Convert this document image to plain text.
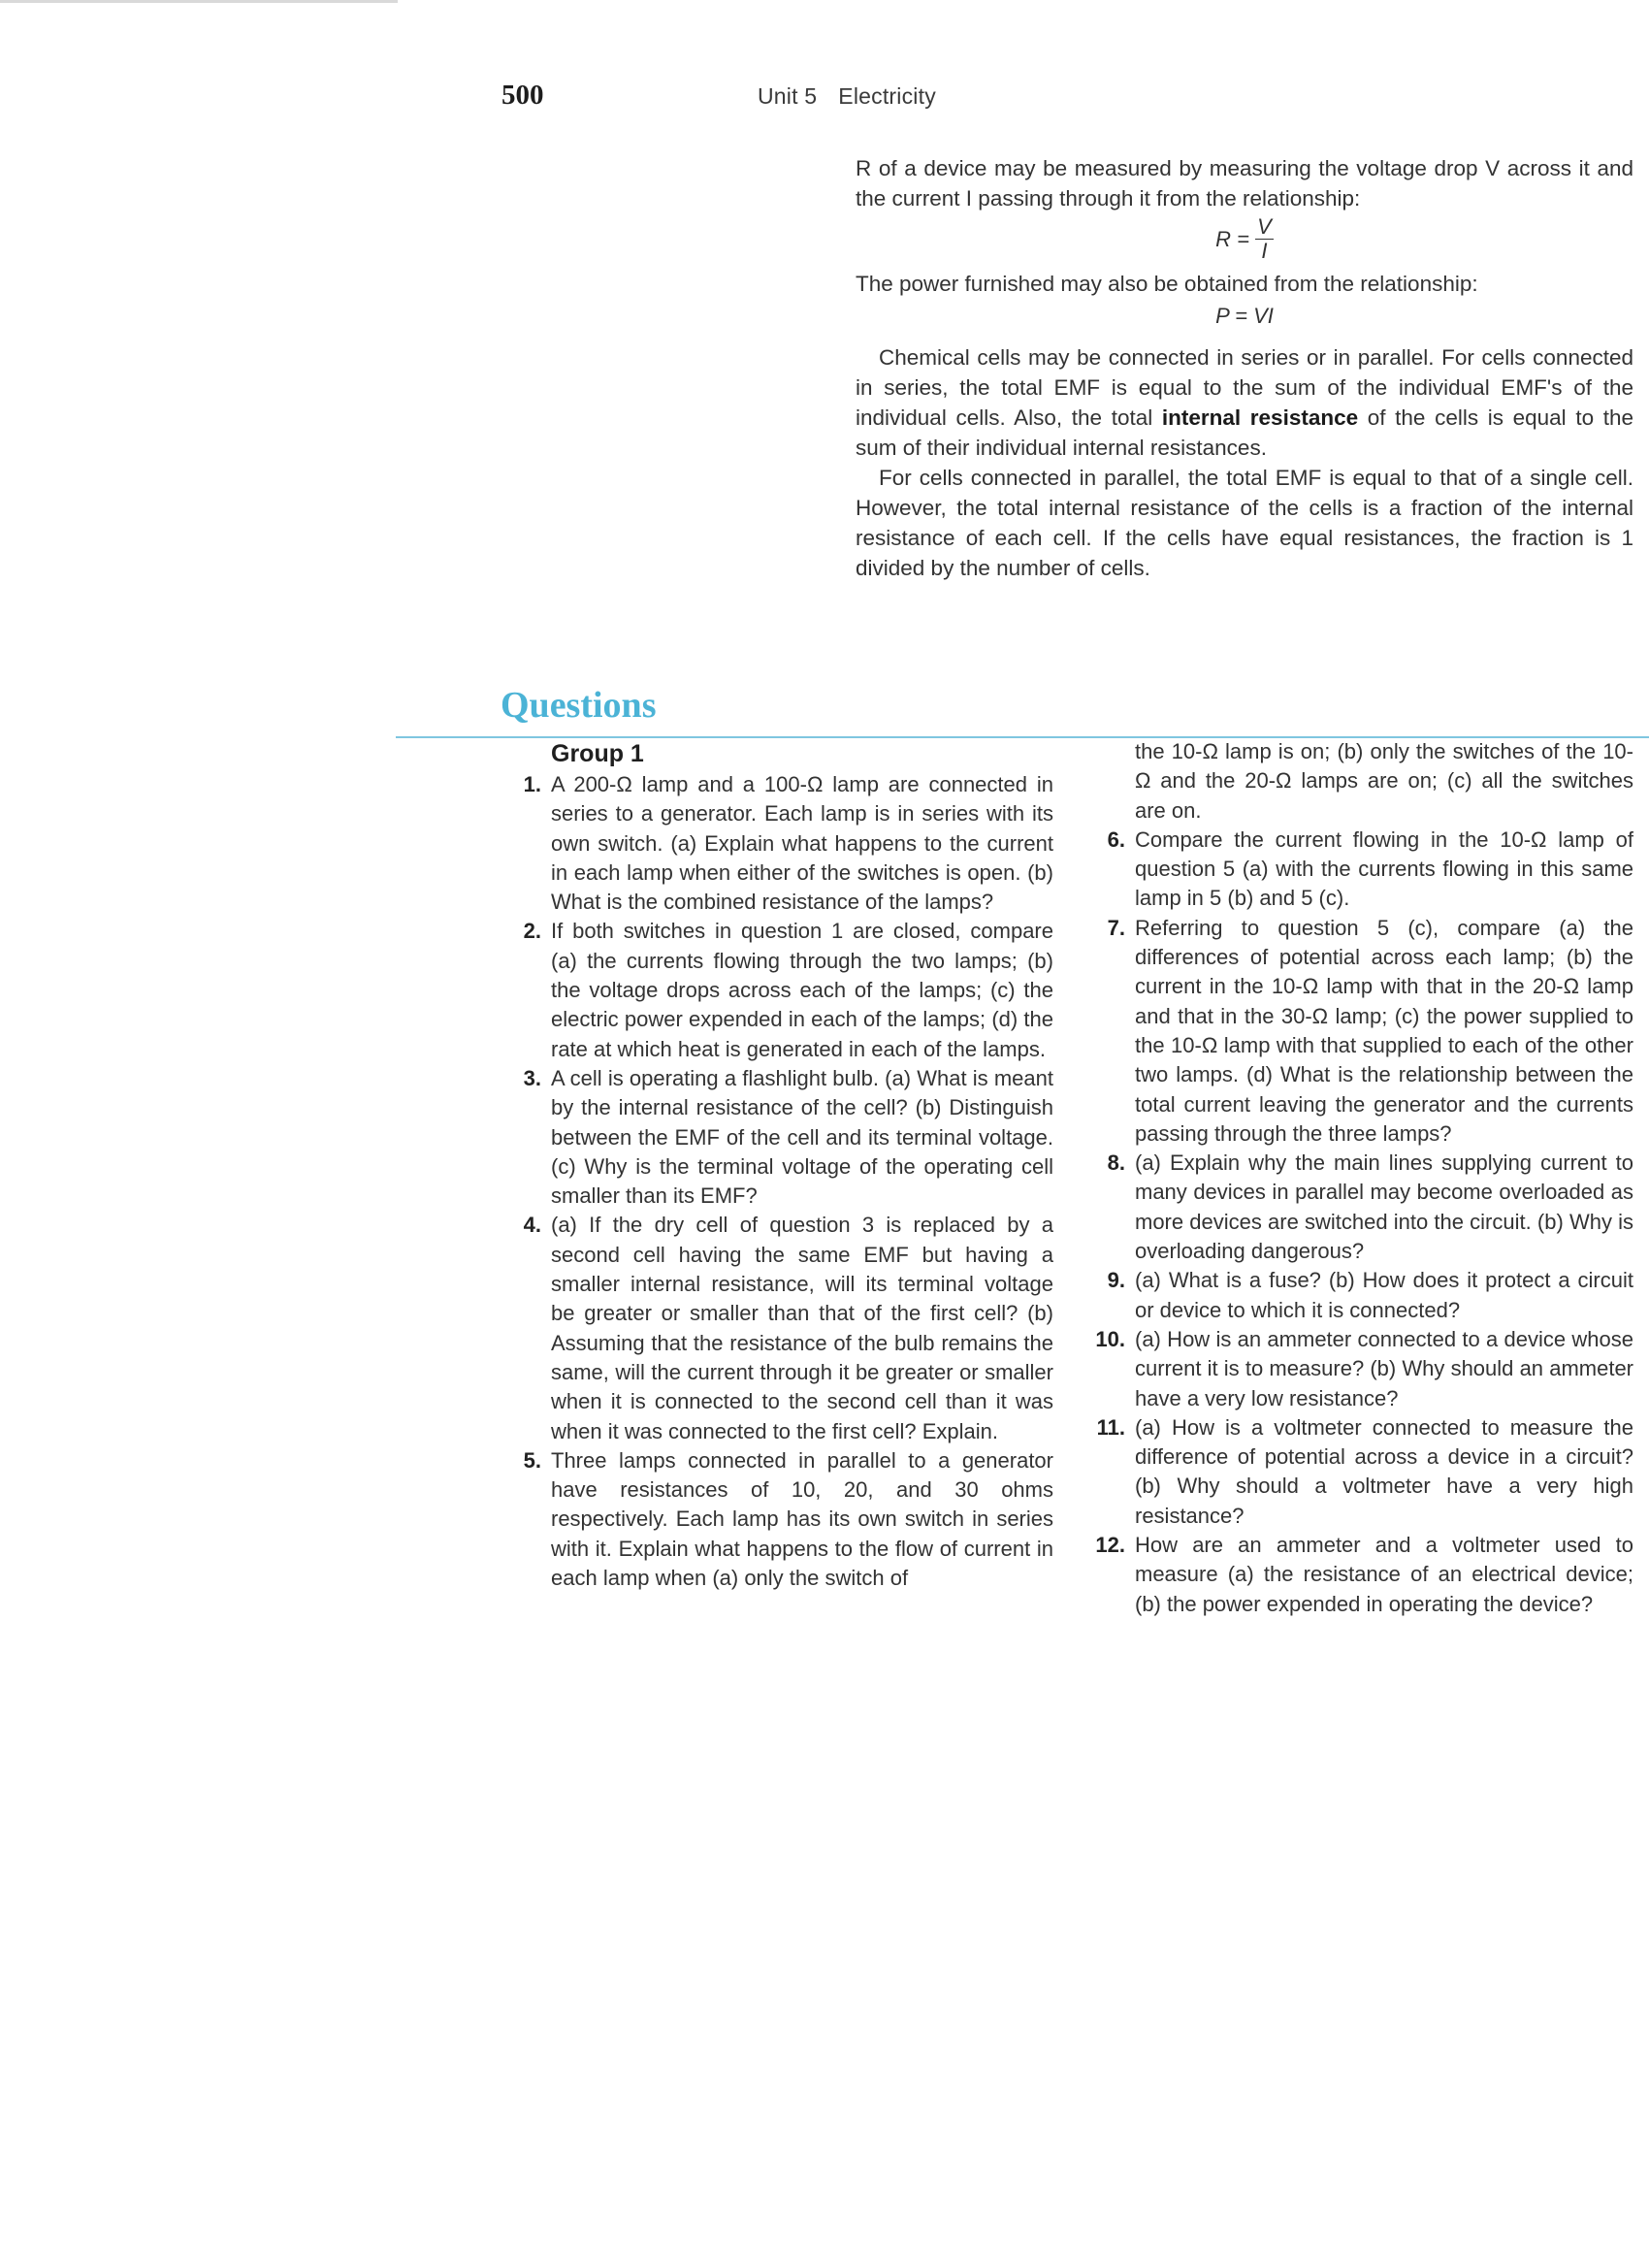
500	Unit 5 Electricity

R of a device may be measured by measuring the voltage drop V across it and the current I passing through it from the relationship:

$R = \frac{V}{I}$

The power furnished may also be obtained from the relationship:

P = VI

Chemical cells may be connected in series or in parallel. For cells connected in series, the total EMF is equal to the sum of the individual EMF's of the individual cells. Also, the total internal resistance of the cells is equal to the sum of their individual internal resistances.

For cells connected in parallel, the total EMF is equal to that of a single cell. However, the total internal resistance of the cells is a fraction of the internal resistance of each cell. If the cells have equal resistances, the fraction is 1 divided by the number of cells.

Questions
Group 1
1. A 200-Ω lamp and a 100-Ω lamp are connected in series to a generator. Each lamp is in series with its own switch. (a) Explain what happens to the current in each lamp when either of the switches is open. (b) What is the combined resistance of the lamps?
2. If both switches in question 1 are closed, compare (a) the currents flowing through the two lamps; (b) the voltage drops across each of the lamps; (c) the electric power expended in each of the lamps; (d) the rate at which heat is generated in each of the lamps.
3. A cell is operating a flashlight bulb. (a) What is meant by the internal resistance of the cell? (b) Distinguish between the EMF of the cell and its terminal voltage. (c) Why is the terminal voltage of the operating cell smaller than its EMF?
4. (a) If the dry cell of question 3 is replaced by a second cell having the same EMF but having a smaller internal resistance, will its terminal voltage be greater or smaller than that of the first cell? (b) Assuming that the resistance of the bulb remains the same, will the current through it be greater or smaller when it is connected to the second cell than it was when it was connected to the first cell? Explain.
5. Three lamps connected in parallel to a generator have resistances of 10, 20, and 30 ohms respectively. Each lamp has its own switch in series with it. Explain what happens to the flow of current in each lamp when (a) only the switch of
the 10-Ω lamp is on; (b) only the switches of the 10-Ω and the 20-Ω lamps are on; (c) all the switches are on.
6. Compare the current flowing in the 10-Ω lamp of question 5 (a) with the currents flowing in this same lamp in 5 (b) and 5 (c).
7. Referring to question 5 (c), compare (a) the differences of potential across each lamp; (b) the current in the 10-Ω lamp with that in the 20-Ω lamp and that in the 30-Ω lamp; (c) the power supplied to the 10-Ω lamp with that supplied to each of the other two lamps. (d) What is the relationship between the total current leaving the generator and the currents passing through the three lamps?
8. (a) Explain why the main lines supplying current to many devices in parallel may become overloaded as more devices are switched into the circuit. (b) Why is overloading dangerous?
9. (a) What is a fuse? (b) How does it protect a circuit or device to which it is connected?
10. (a) How is an ammeter connected to a device whose current it is to measure? (b) Why should an ammeter have a very low resistance?
11. (a) How is a voltmeter connected to measure the difference of potential across a device in a circuit? (b) Why should a voltmeter have a very high resistance?
12. How are an ammeter and a voltmeter used to measure (a) the resistance of an electrical device; (b) the power expended in operating the device?
